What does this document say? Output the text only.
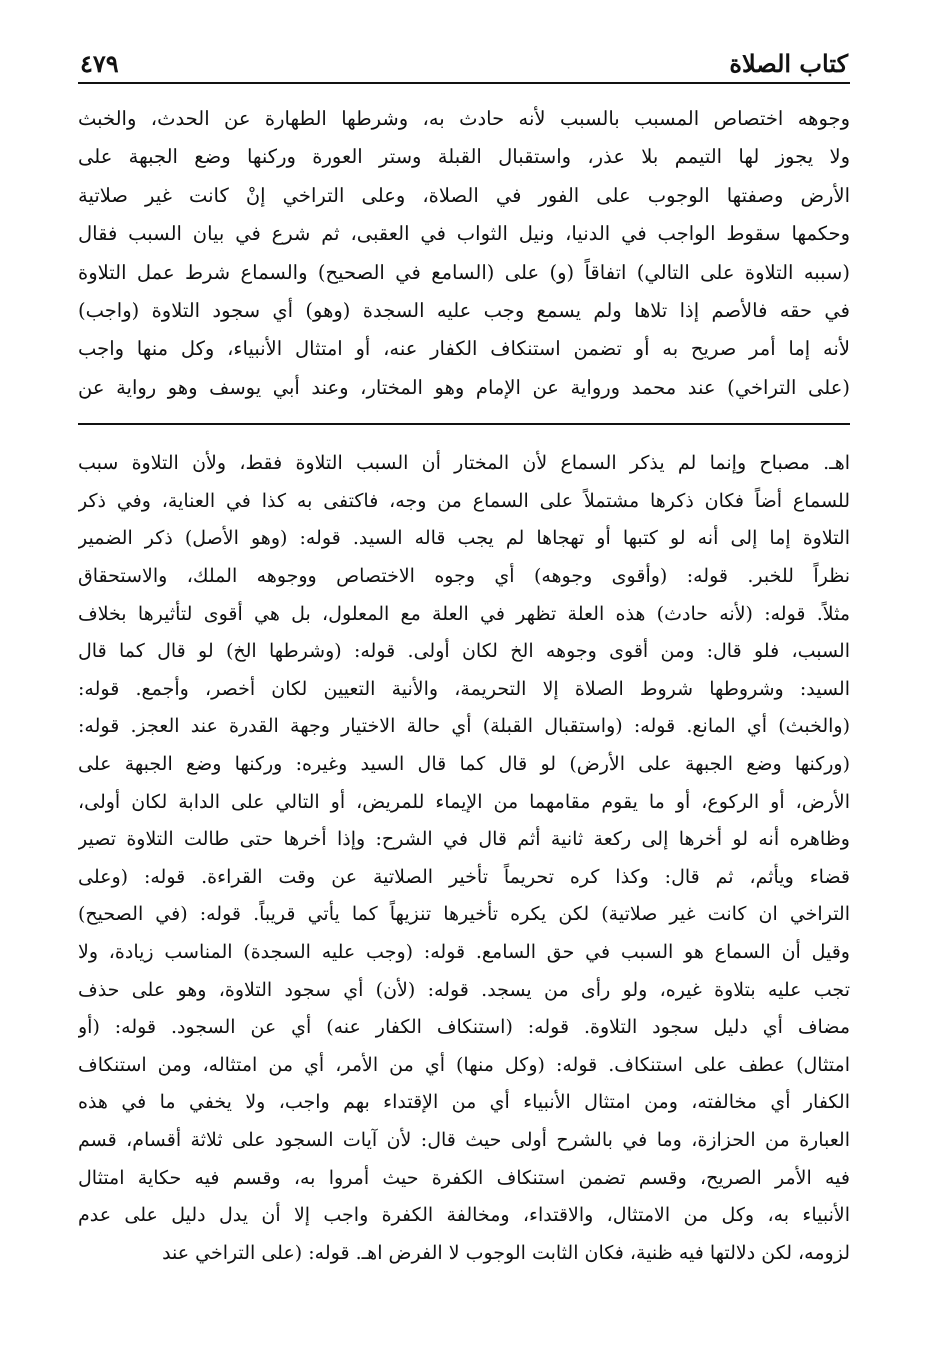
كتاب الصلاة
٤٧٩
وجوهه اختصاص المسبب بالسبب لأنه حادث به، وشرطها الطهارة عن الحدث، والخبث
ولا يجوز لها التيمم بلا عذر، واستقبال القبلة وستر العورة وركنها وضع الجبهة على
الأرض وصفتها الوجوب على الفور في الصلاة، وعلى التراخي إنْ كانت غير صلاتية
وحكمها سقوط الواجب في الدنيا، ونيل الثواب في العقبى، ثم شرع في بيان السبب فقال
(سببه التلاوة على التالي) اتفاقاً (و) على (السامع في الصحيح) والسماع شرط عمل التلاوة
في حقه فالأصم إذا تلاها ولم يسمع وجب عليه السجدة (وهو) أي سجود التلاوة (واجب)
لأنه إما أمر صريح به أو تضمن استنكاف الكفار عنه، أو امتثال الأنبياء، وكل منها واجب
(على التراخي) عند محمد ورواية عن الإمام وهو المختار، وعند أبي يوسف وهو رواية عن
اهـ. مصباح وإنما لم يذكر السماع لأن المختار أن السبب التلاوة فقط، ولأن التلاوة سبب
للسماع أضاً فكان ذكرها مشتملاً على السماع من وجه، فاكتفى به كذا في العناية، وفي ذكر
التلاوة إما إلى أنه لو كتبها أو تهجاها لم يجب قاله السيد. قوله: (وهو الأصل) ذكر الضمير
نظراً للخبر. قوله: (وأقوى وجوهه) أي وجوه الاختصاص ووجوهه الملك، والاستحقاق
مثلاً. قوله: (لأنه حادث) هذه العلة تظهر في العلة مع المعلول، بل هي أقوى لتأثيرها بخلاف
السبب، فلو قال: ومن أقوى وجوهه الخ لكان أولى. قوله: (وشرطها الخ) لو قال كما قال
السيد: وشروطها شروط الصلاة إلا التحريمة، والأنية التعيين لكان أخصر، وأجمع. قوله:
(والخبث) أي المانع. قوله: (واستقبال القبلة) أي حالة الاختيار وجهة القدرة عند العجز. قوله:
(وركنها وضع الجبهة على الأرض) لو قال كما قال السيد وغيره: وركنها وضع الجبهة على
الأرض، أو الركوع، أو ما يقوم مقامهما من الإيماء للمريض، أو التالي على الدابة لكان أولى،
وظاهره أنه لو أخرها إلى ركعة ثانية أثم قال في الشرح: وإذا أخرها حتى طالت التلاوة تصير
قضاء ويأثم، ثم قال: وكذا كره تحريماً تأخير الصلاتية عن وقت القراءة. قوله: (وعلى
التراخي ان كانت غير صلاتية) لكن يكره تأخيرها تنزيهاً كما يأتي قريباً. قوله: (في الصحيح)
وقيل أن السماع هو السبب في حق السامع. قوله: (وجب عليه السجدة) المناسب زيادة، ولا
تجب عليه بتلاوة غيره، ولو رأى من يسجد. قوله: (لأن) أي سجود التلاوة، وهو على حذف
مضاف أي دليل سجود التلاوة. قوله: (استنكاف الكفار عنه) أي عن السجود. قوله: (أو
امتثال) عطف على استنكاف. قوله: (وكل منها) أي من الأمر، أي من امتثاله، ومن استنكاف
الكفار أي مخالفته، ومن امتثال الأنبياء أي من الإقتداء بهم واجب، ولا يخفي ما في هذه
العبارة من الحزازة، وما في بالشرح أولى حيث قال: لأن آيات السجود على ثلاثة أقسام، قسم
فيه الأمر الصريح، وقسم تضمن استنكاف الكفرة حيث أمروا به، وقسم فيه حكاية امتثال
الأنبياء به، وكل من الامتثال، والاقتداء، ومخالفة الكفرة واجب إلا أن يدل دليل على عدم
لزومه، لكن دلالتها فيه ظنية، فكان الثابت الوجوب لا الفرض اهـ. قوله: (على التراخي عند
